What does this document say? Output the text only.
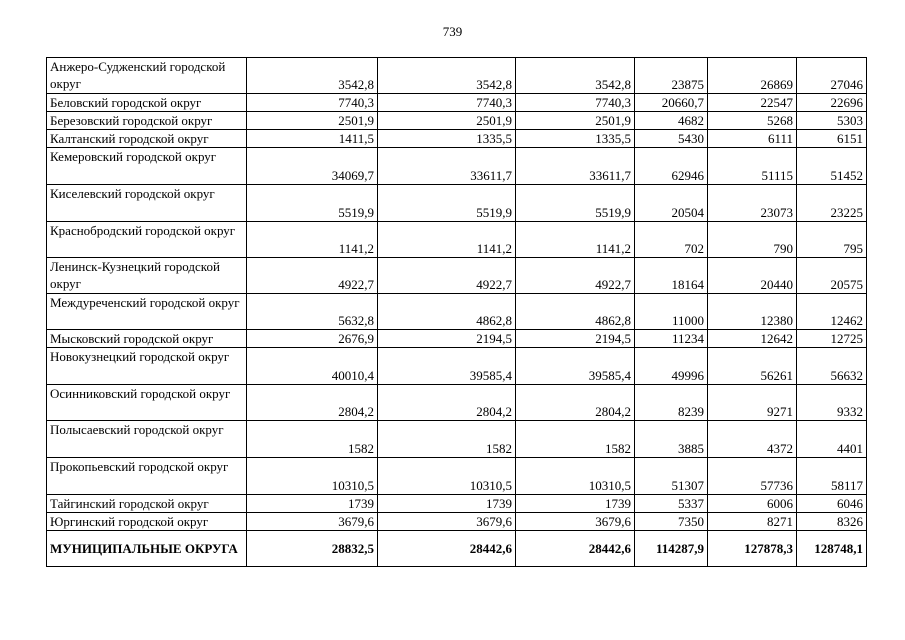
739
Анжеро-Судженский городской округ	3542,8	3542,8	3542,8	23875	26869	27046
Беловский городской округ	7740,3	7740,3	7740,3	20660,7	22547	22696
Березовский городской округ	2501,9	2501,9	2501,9	4682	5268	5303
Калтанский городской округ	1411,5	1335,5	1335,5	5430	6111	6151
Кемеровский городской округ	34069,7	33611,7	33611,7	62946	51115	51452
Киселевский городской округ	5519,9	5519,9	5519,9	20504	23073	23225
Краснобродский городской округ	1141,2	1141,2	1141,2	702	790	795
Ленинск-Кузнецкий городской округ	4922,7	4922,7	4922,7	18164	20440	20575
Междуреченский городской округ	5632,8	4862,8	4862,8	11000	12380	12462
Мысковский городской округ	2676,9	2194,5	2194,5	11234	12642	12725
Новокузнецкий городской округ	40010,4	39585,4	39585,4	49996	56261	56632
Осинниковский городской округ	2804,2	2804,2	2804,2	8239	9271	9332
Полысаевский городской округ	1582	1582	1582	3885	4372	4401
Прокопьевский городской округ	10310,5	10310,5	10310,5	51307	57736	58117
Тайгинский городской округ	1739	1739	1739	5337	6006	6046
Юргинский городской округ	3679,6	3679,6	3679,6	7350	8271	8326
МУНИЦИПАЛЬНЫЕ ОКРУГА	28832,5	28442,6	28442,6	114287,9	127878,3	128748,1
